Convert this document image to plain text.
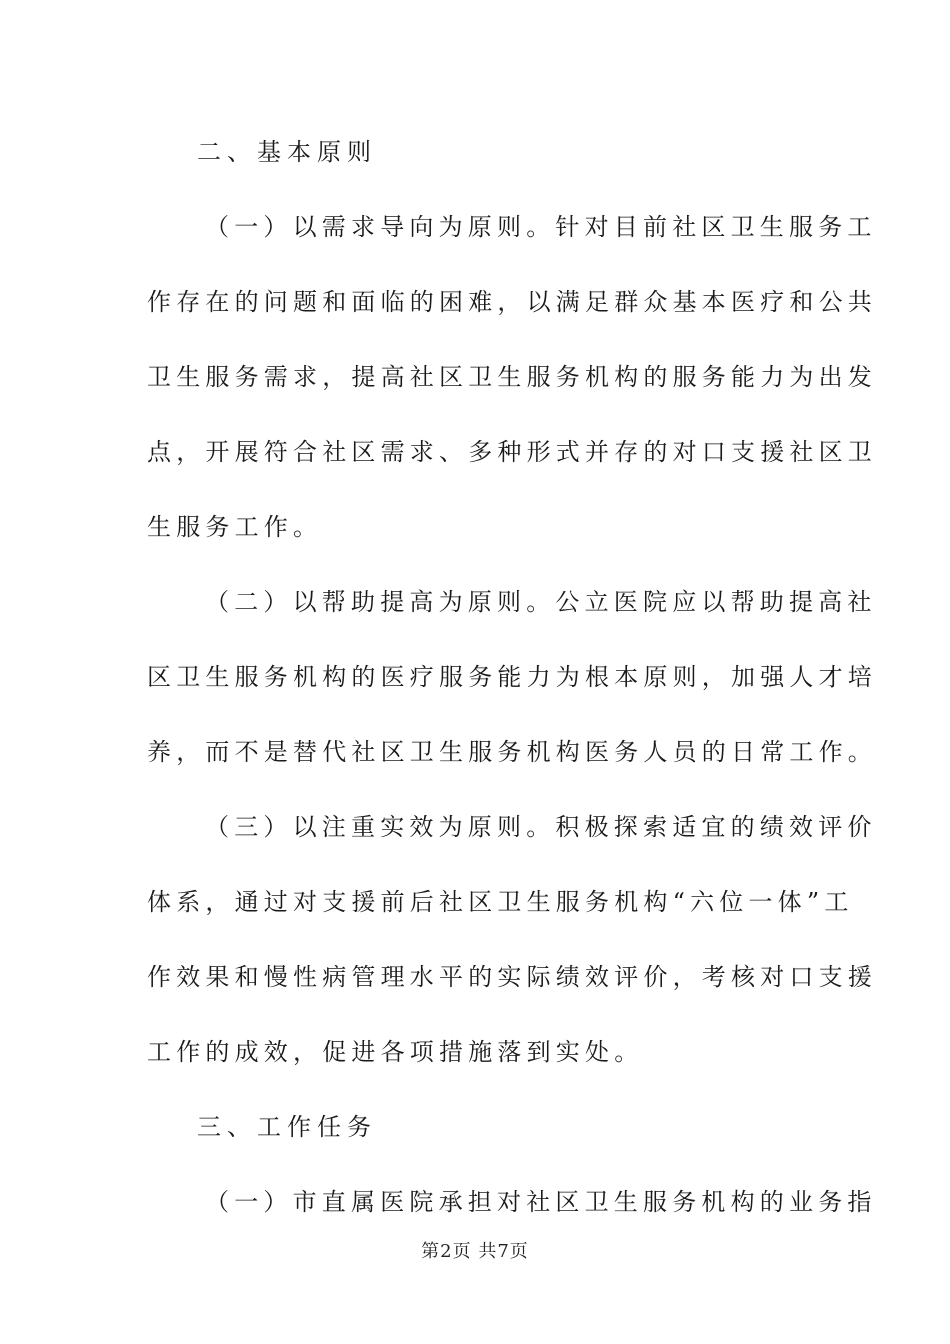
二、基本原则
（一）以需求导向为原则。针对目前社区卫生服务工
作存在的问题和面临的困难，以满足群众基本医疗和公共
卫生服务需求，提高社区卫生服务机构的服务能力为出发
点，开展符合社区需求、多种形式并存的对口支援社区卫
生服务工作。
（二）以帮助提高为原则。公立医院应以帮助提高社
区卫生服务机构的医疗服务能力为根本原则，加强人才培
养，而不是替代社区卫生服务机构医务人员的日常工作。
（三）以注重实效为原则。积极探索适宜的绩效评价
体系，通过对支援前后社区卫生服务机构“六位一体”工
作效果和慢性病管理水平的实际绩效评价，考核对口支援
工作的成效，促进各项措施落到实处。
三、工作任务
（一）市直属医院承担对社区卫生服务机构的业务指
第2页 共7页
